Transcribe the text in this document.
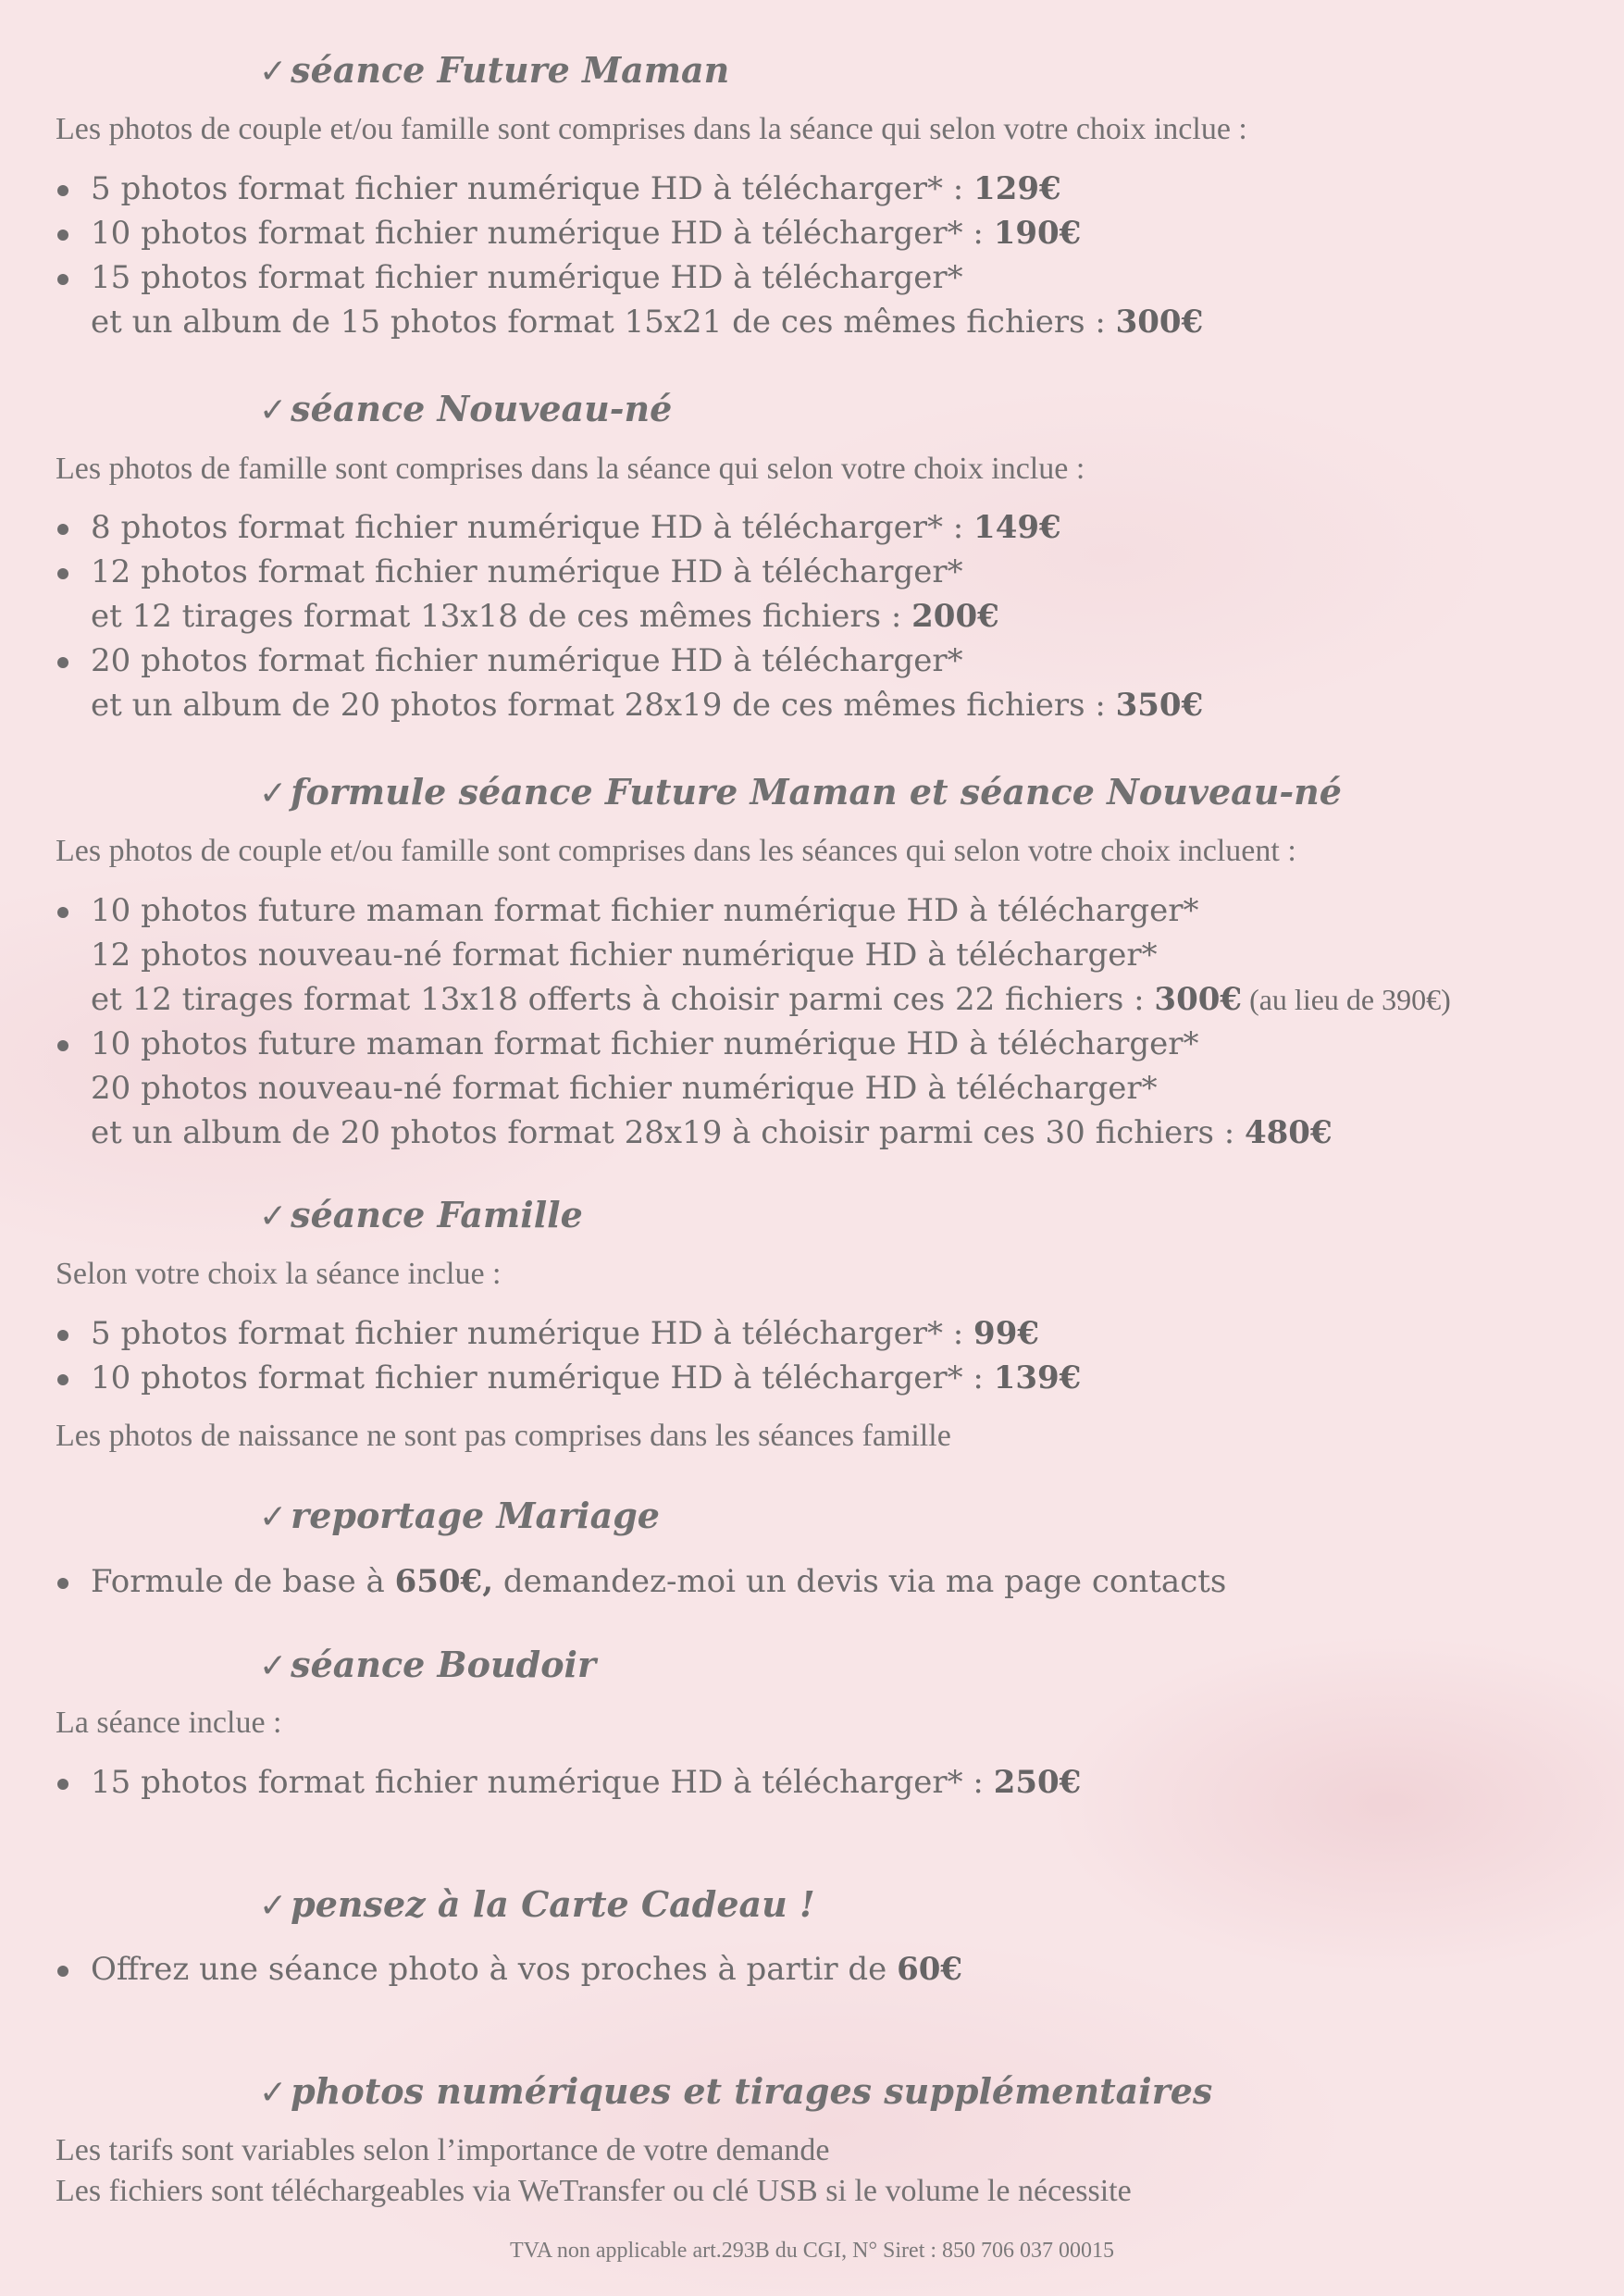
✓ séance Future Maman
Les photos de couple et/ou famille sont comprises dans la séance qui selon votre choix inclue :
5 photos format fichier numérique HD à télécharger* : 129€
10 photos format fichier numérique HD à télécharger* : 190€
15 photos format fichier numérique HD à télécharger*
et un album de 15 photos format 15x21 de ces mêmes fichiers : 300€
✓ séance Nouveau-né
Les photos de famille sont comprises dans la séance qui selon votre choix inclue :
8 photos format fichier numérique HD à télécharger* : 149€
12 photos format fichier numérique HD à télécharger*
et 12 tirages format 13x18 de ces mêmes fichiers : 200€
20 photos format fichier numérique HD à télécharger*
et un album de 20 photos format 28x19 de ces mêmes fichiers : 350€
✓ formule séance Future Maman et séance Nouveau-né
Les photos de couple et/ou famille sont comprises dans les séances qui selon votre choix incluent :
10 photos future maman format fichier numérique HD à télécharger*
12 photos nouveau-né format fichier numérique HD à télécharger*
et 12 tirages format 13x18 offerts à choisir parmi ces 22 fichiers : 300€ (au lieu de 390€)
10 photos future maman format fichier numérique HD à télécharger*
20 photos nouveau-né format fichier numérique HD à télécharger*
et un album de 20 photos format 28x19 à choisir parmi ces 30 fichiers : 480€
✓ séance Famille
Selon votre choix la séance inclue :
5 photos format fichier numérique HD à télécharger* : 99€
10 photos format fichier numérique HD à télécharger* : 139€
Les photos de naissance ne sont pas comprises dans les séances famille
✓ reportage Mariage
Formule de base à 650€, demandez-moi un devis via ma page contacts
✓ séance Boudoir
La séance inclue :
15 photos format fichier numérique HD à télécharger* : 250€
✓ pensez à la Carte Cadeau !
Offrez une séance photo à vos proches à partir de 60€
✓ photos numériques et tirages supplémentaires
Les tarifs sont variables selon l’importance de votre demande
Les fichiers sont téléchargeables via WeTransfer ou clé USB si le volume le nécessite
TVA non applicable art.293B du CGI, N° Siret : 850 706 037 00015
